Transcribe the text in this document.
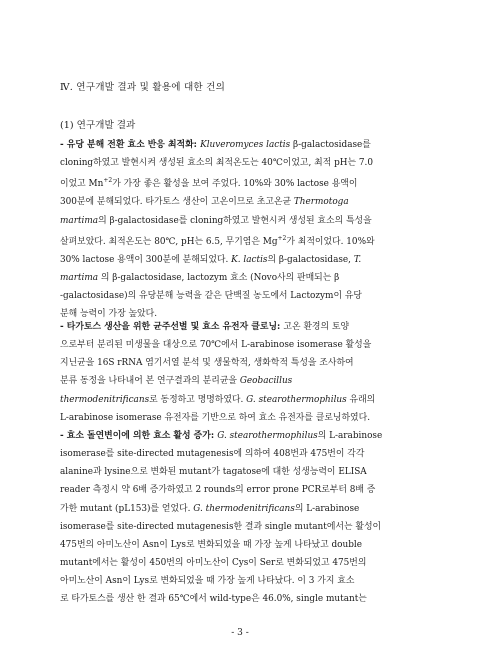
Ⅳ. 연구개발 결과 및 활용에 대한 건의
(1) 연구개발 결과
- 유당 분해 전환 효소 반응 최적화: Kluveromyces lactis β-galactosidase를
cloning하였고 발현시켜 생성된 효소의 최적온도는 40℃이었고, 최적 pH는 7.0
이었고 $Mn^{+2}$가 가장 좋은 활성을 보여 주었다. 10%와 30% lactose 용액이
300분에 분해되었다. 타가토스 생산이 고온이므로 초고온균 Thermotoga
martima의 β-galactosidase를 cloning하였고 발현시켜 생성된 효소의 특성을
살펴보았다. 최적온도는 80℃, pH는 6.5, 무기염은 $Mg^{+2}$가 최적이었다. 10%와
30% lactose 용액이 300분에 분해되었다. K. lactis의 β-galactosidase, T.
martima 의 β-galactosidase, lactozym 효소 (Novo사의 판매되는 β
-galactosidase)의 유당분해 능력을 같은 단백질 농도에서 Lactozym이 유당
분해 능력이 가장 높았다.
- 타가토스 생산을 위한 균주선별 및 효소 유전자 클로닝: 고온 환경의 토양
으로부터 분리된 미생물을 대상으로 70℃에서 L-arabinose isomerase 활성을
지닌균을 16S rRNA 염기서열 분석 및 생물학적, 생화학적 특성을 조사하여
분류 동정을 나타내어 본 연구결과의 분리균을 Geobacillus
thermodenitrificans로 동정하고 명명하였다. G. stearothermophilus 유래의
L-arabinose isomerase 유전자를 기반으로 하여 효소 유전자를 클로닝하였다.
- 효소 돌연변이에 의한 효소 활성 증가: G. stearothermophilus의 L-arabinose
isomerase를 site-directed mutagenesis에 의하여 408번과 475번이 각각
alanine과 lysine으로 변화된 mutant가 tagatose에 대한 성생능력이 ELISA
reader 측정시 약 6배 증가하였고 2 rounds의 error prone PCR로부터 8배 증
가한 mutant (pL153)를 얻었다. G. thermodenitrificans의 L-arabinose
isomerase를 site-directed mutagenesis한 결과 single mutant에서는 활성이
475번의 아미노산이 Asn이 Lys로 변화되었을 때 가장 높게 나타났고 double
mutant에서는 활성이 450번의 아미노산이 Cys이 Ser로 변화되었고 475번의
아미노산이 Asn이 Lys로 변화되었을 때 가장 높게 나타났다. 이 3 가지 효소
로 타가토스를 생산 한 결과 65℃에서 wild-type은 46.0%, single mutant는
- 3 -
